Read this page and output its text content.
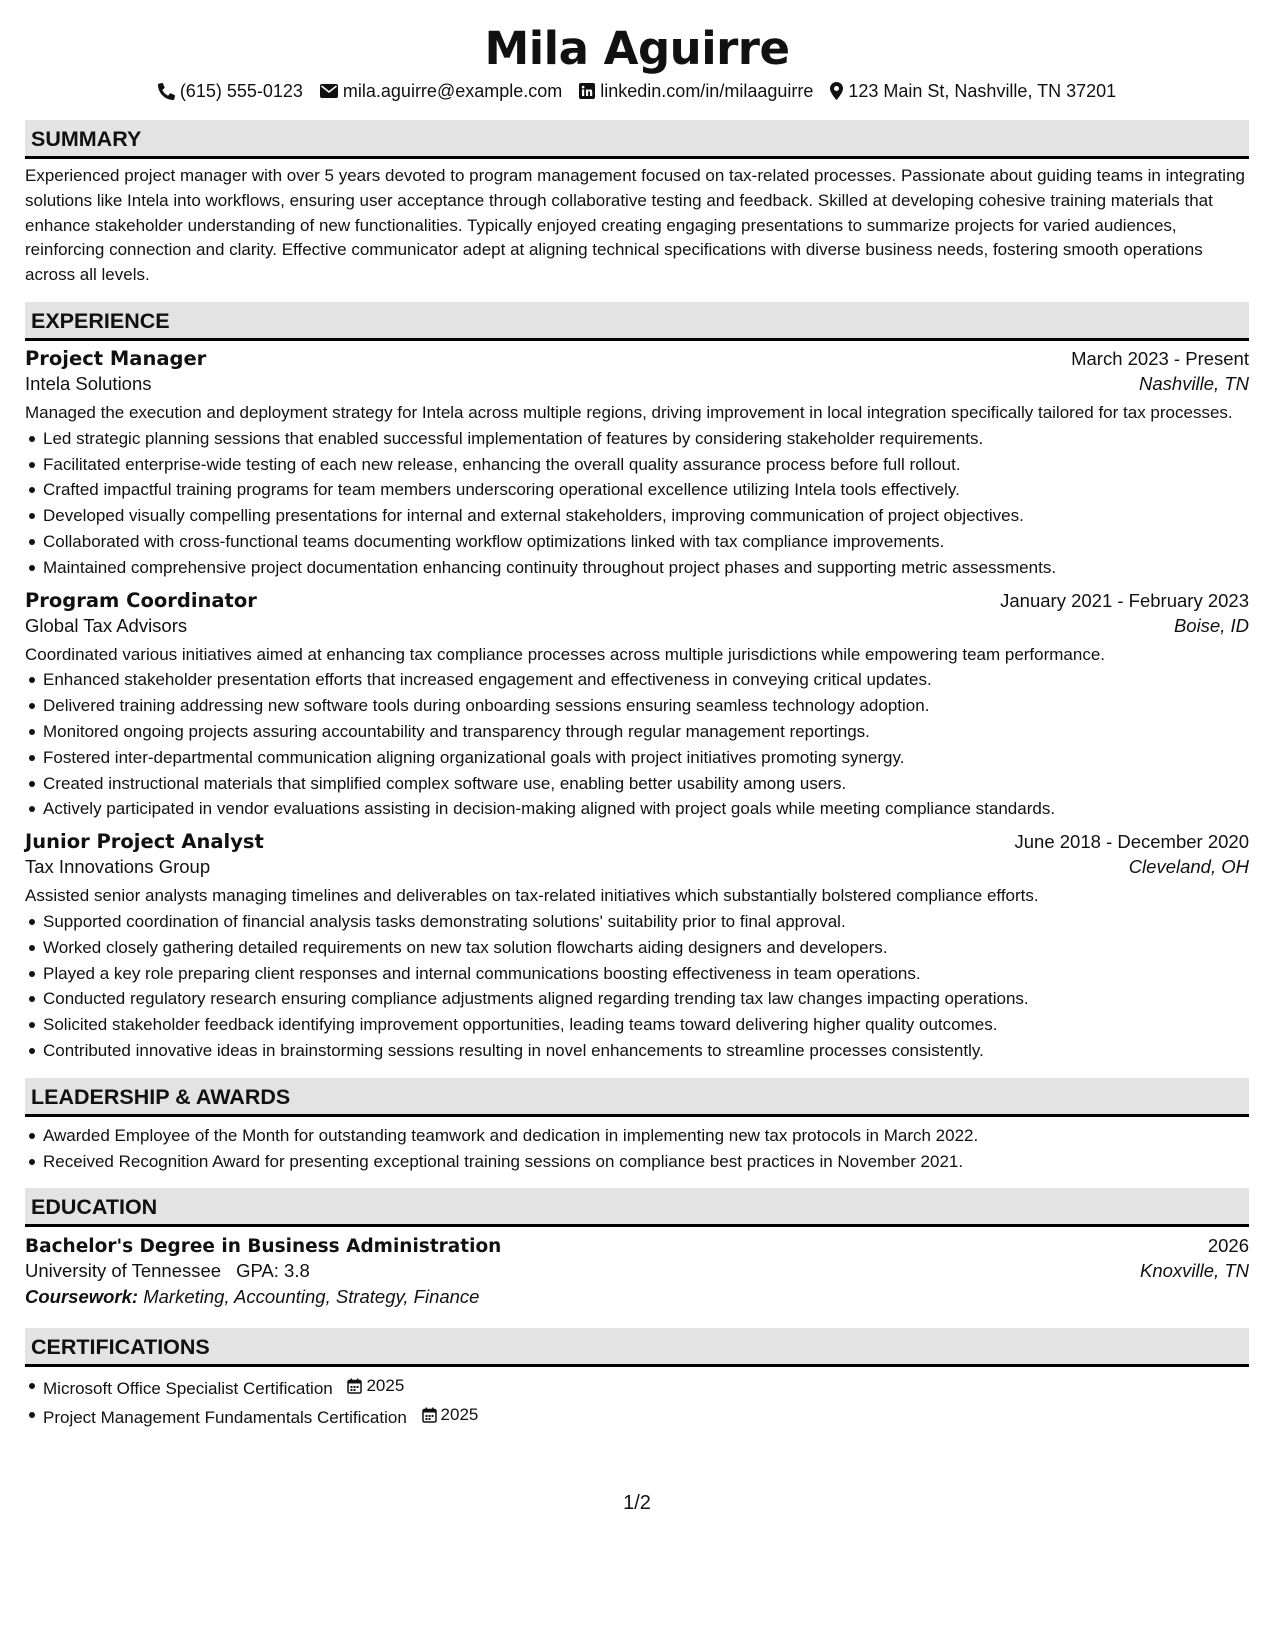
Mila Aguirre
(615) 555-0123 mila.aguirre@example.com linkedin.com/in/milaaguirre 123 Main St, Nashville, TN 37201
SUMMARY
Experienced project manager with over 5 years devoted to program management focused on tax-related processes. Passionate about guiding teams in integrating solutions like Intela into workflows, ensuring user acceptance through collaborative testing and feedback. Skilled at developing cohesive training materials that enhance stakeholder understanding of new functionalities. Typically enjoyed creating engaging presentations to summarize projects for varied audiences, reinforcing connection and clarity. Effective communicator adept at aligning technical specifications with diverse business needs, fostering smooth operations across all levels.
EXPERIENCE
Project Manager	March 2023 - Present
Intela Solutions	Nashville, TN
Managed the execution and deployment strategy for Intela across multiple regions, driving improvement in local integration specifically tailored for tax processes.
Led strategic planning sessions that enabled successful implementation of features by considering stakeholder requirements.
Facilitated enterprise-wide testing of each new release, enhancing the overall quality assurance process before full rollout.
Crafted impactful training programs for team members underscoring operational excellence utilizing Intela tools effectively.
Developed visually compelling presentations for internal and external stakeholders, improving communication of project objectives.
Collaborated with cross-functional teams documenting workflow optimizations linked with tax compliance improvements.
Maintained comprehensive project documentation enhancing continuity throughout project phases and supporting metric assessments.
Program Coordinator	January 2021 - February 2023
Global Tax Advisors	Boise, ID
Coordinated various initiatives aimed at enhancing tax compliance processes across multiple jurisdictions while empowering team performance.
Enhanced stakeholder presentation efforts that increased engagement and effectiveness in conveying critical updates.
Delivered training addressing new software tools during onboarding sessions ensuring seamless technology adoption.
Monitored ongoing projects assuring accountability and transparency through regular management reportings.
Fostered inter-departmental communication aligning organizational goals with project initiatives promoting synergy.
Created instructional materials that simplified complex software use, enabling better usability among users.
Actively participated in vendor evaluations assisting in decision-making aligned with project goals while meeting compliance standards.
Junior Project Analyst	June 2018 - December 2020
Tax Innovations Group	Cleveland, OH
Assisted senior analysts managing timelines and deliverables on tax-related initiatives which substantially bolstered compliance efforts.
Supported coordination of financial analysis tasks demonstrating solutions' suitability prior to final approval.
Worked closely gathering detailed requirements on new tax solution flowcharts aiding designers and developers.
Played a key role preparing client responses and internal communications boosting effectiveness in team operations.
Conducted regulatory research ensuring compliance adjustments aligned regarding trending tax law changes impacting operations.
Solicited stakeholder feedback identifying improvement opportunities, leading teams toward delivering higher quality outcomes.
Contributed innovative ideas in brainstorming sessions resulting in novel enhancements to streamline processes consistently.
LEADERSHIP & AWARDS
Awarded Employee of the Month for outstanding teamwork and dedication in implementing new tax protocols in March 2022.
Received Recognition Award for presenting exceptional training sessions on compliance best practices in November 2021.
EDUCATION
Bachelor's Degree in Business Administration	2026
University of Tennessee GPA: 3.8	Knoxville, TN
Coursework: Marketing, Accounting, Strategy, Finance
CERTIFICATIONS
Microsoft Office Specialist Certification 2025
Project Management Fundamentals Certification 2025
1/2
